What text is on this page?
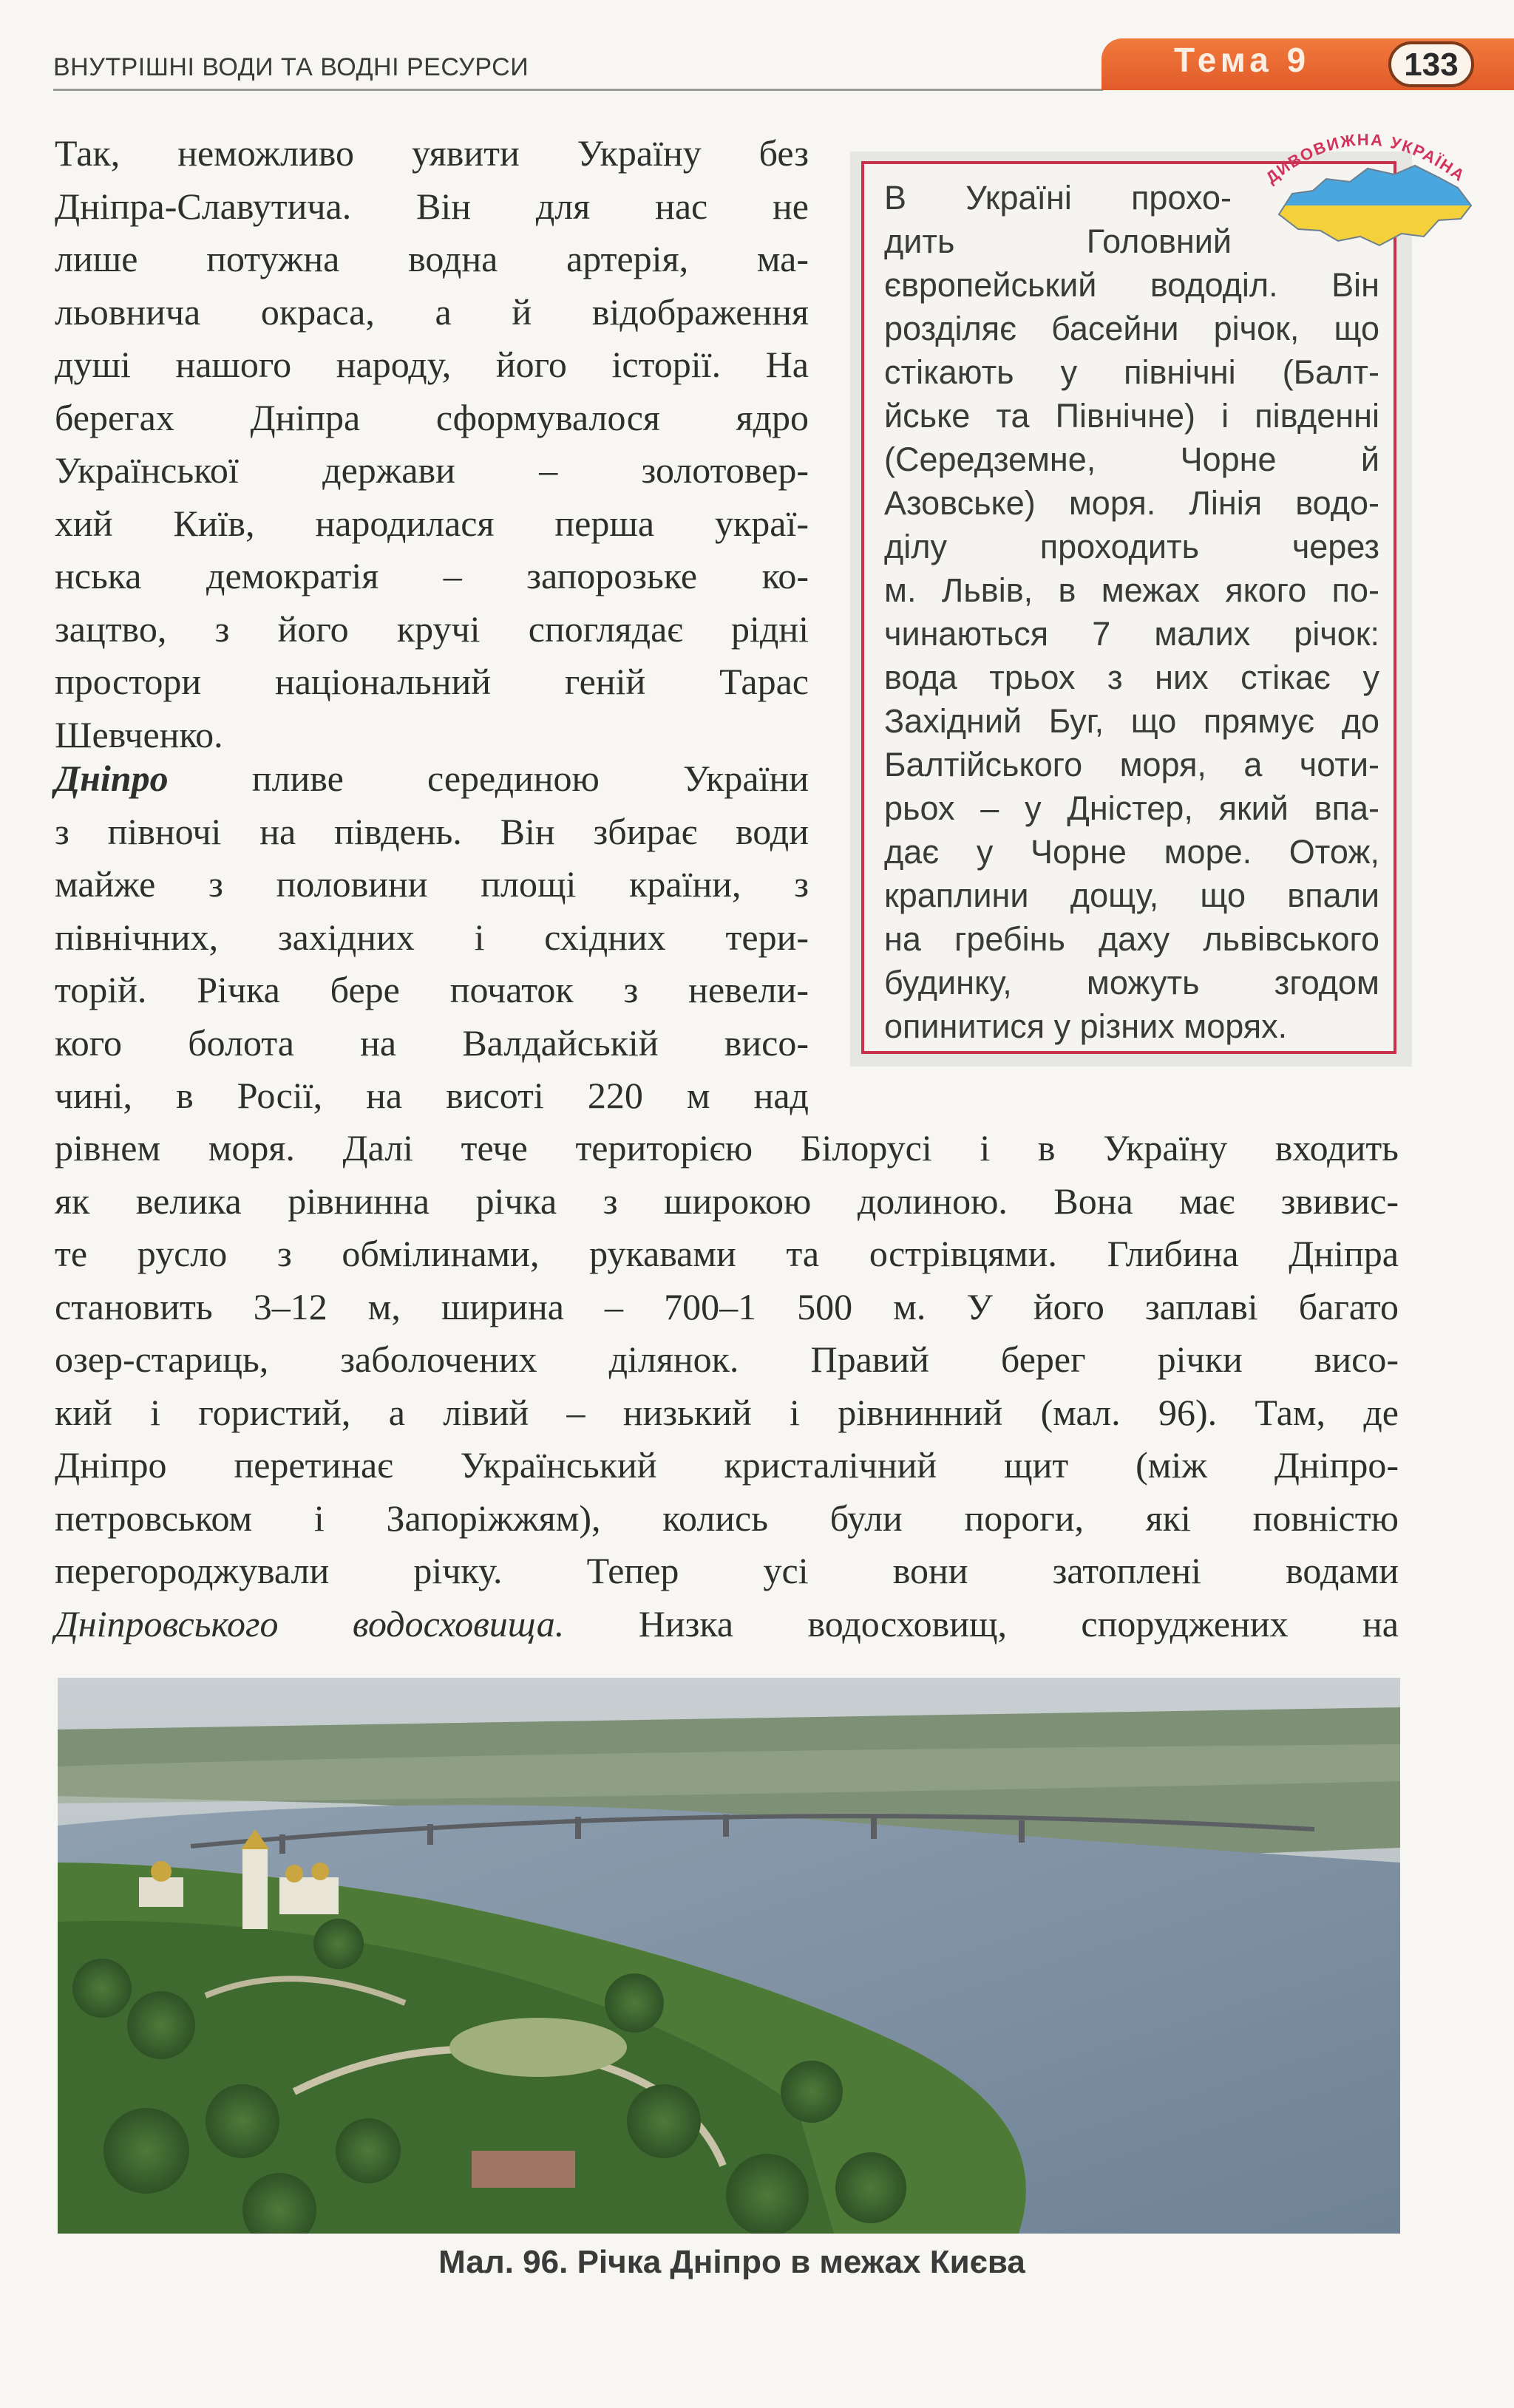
ВНУТРІШНІ ВОДИ ТА ВОДНІ РЕСУРСИ	Тема 9	133
В Україні прохо-
дить Головний
європейський вододіл. Він
розділяє басейни річок, що
стікають у північні (Балт-
йське та Північне) і південні
(Середземне, Чорне й
Азовське) моря. Лінія водо-
ділу проходить через
м. Львів, в межах якого по-
чинаються 7 малих річок:
вода трьох з них стікає у
Західний Буг, що прямує до
Балтійського моря, а чоти-
рьох – у Дністер, який впа-
дає у Чорне море. Отож,
краплини дощу, що впали
на гребінь даху львівського
будинку, можуть згодом
опинитися у різних морях.
ДИВОВИЖНА УКРАЇНА
Так, неможливо уявити Україну без
Дніпра-Славутича. Він для нас не
лише потужна водна артерія, ма-
льовнича окраса, а й відображення
душі нашого народу, його історії. На
берегах Дніпра сформувалося ядро
Української держави – золотовер-
хий Київ, народилася перша украї-
нська демократія – запорозьке ко-
зацтво, з його кручі споглядає рідні
простори національний геній Тарас
Шевченко.
Дніпро пливе серединою України
з півночі на південь. Він збирає води
майже з половини площі країни, з
північних, західних і східних тери-
торій. Річка бере початок з невели-
кого болота на Валдайській висо-
чині, в Росії, на висоті 220 м над
рівнем моря. Далі тече територією Білорусі і в Україну входить
як велика рівнинна річка з широкою долиною. Вона має звивис-
те русло з обмілинами, рукавами та острівцями. Глибина Дніпра
становить 3–12 м, ширина – 700–1 500 м. У його заплаві багато
озер-стариць, заболочених ділянок. Правий берег річки висо-
кий і гористий, а лівий – низький і рівнинний (мал. 96). Там, де
Дніпро перетинає Український кристалічний щит (між Дніпро-
петровськом і Запоріжжям), колись були пороги, які повністю
перегороджували річку. Тепер усі вони затоплені водами
Дніпровського водосховища. Низка водосховищ, споруджених на
Мал. 96. Річка Дніпро в межах Києва
